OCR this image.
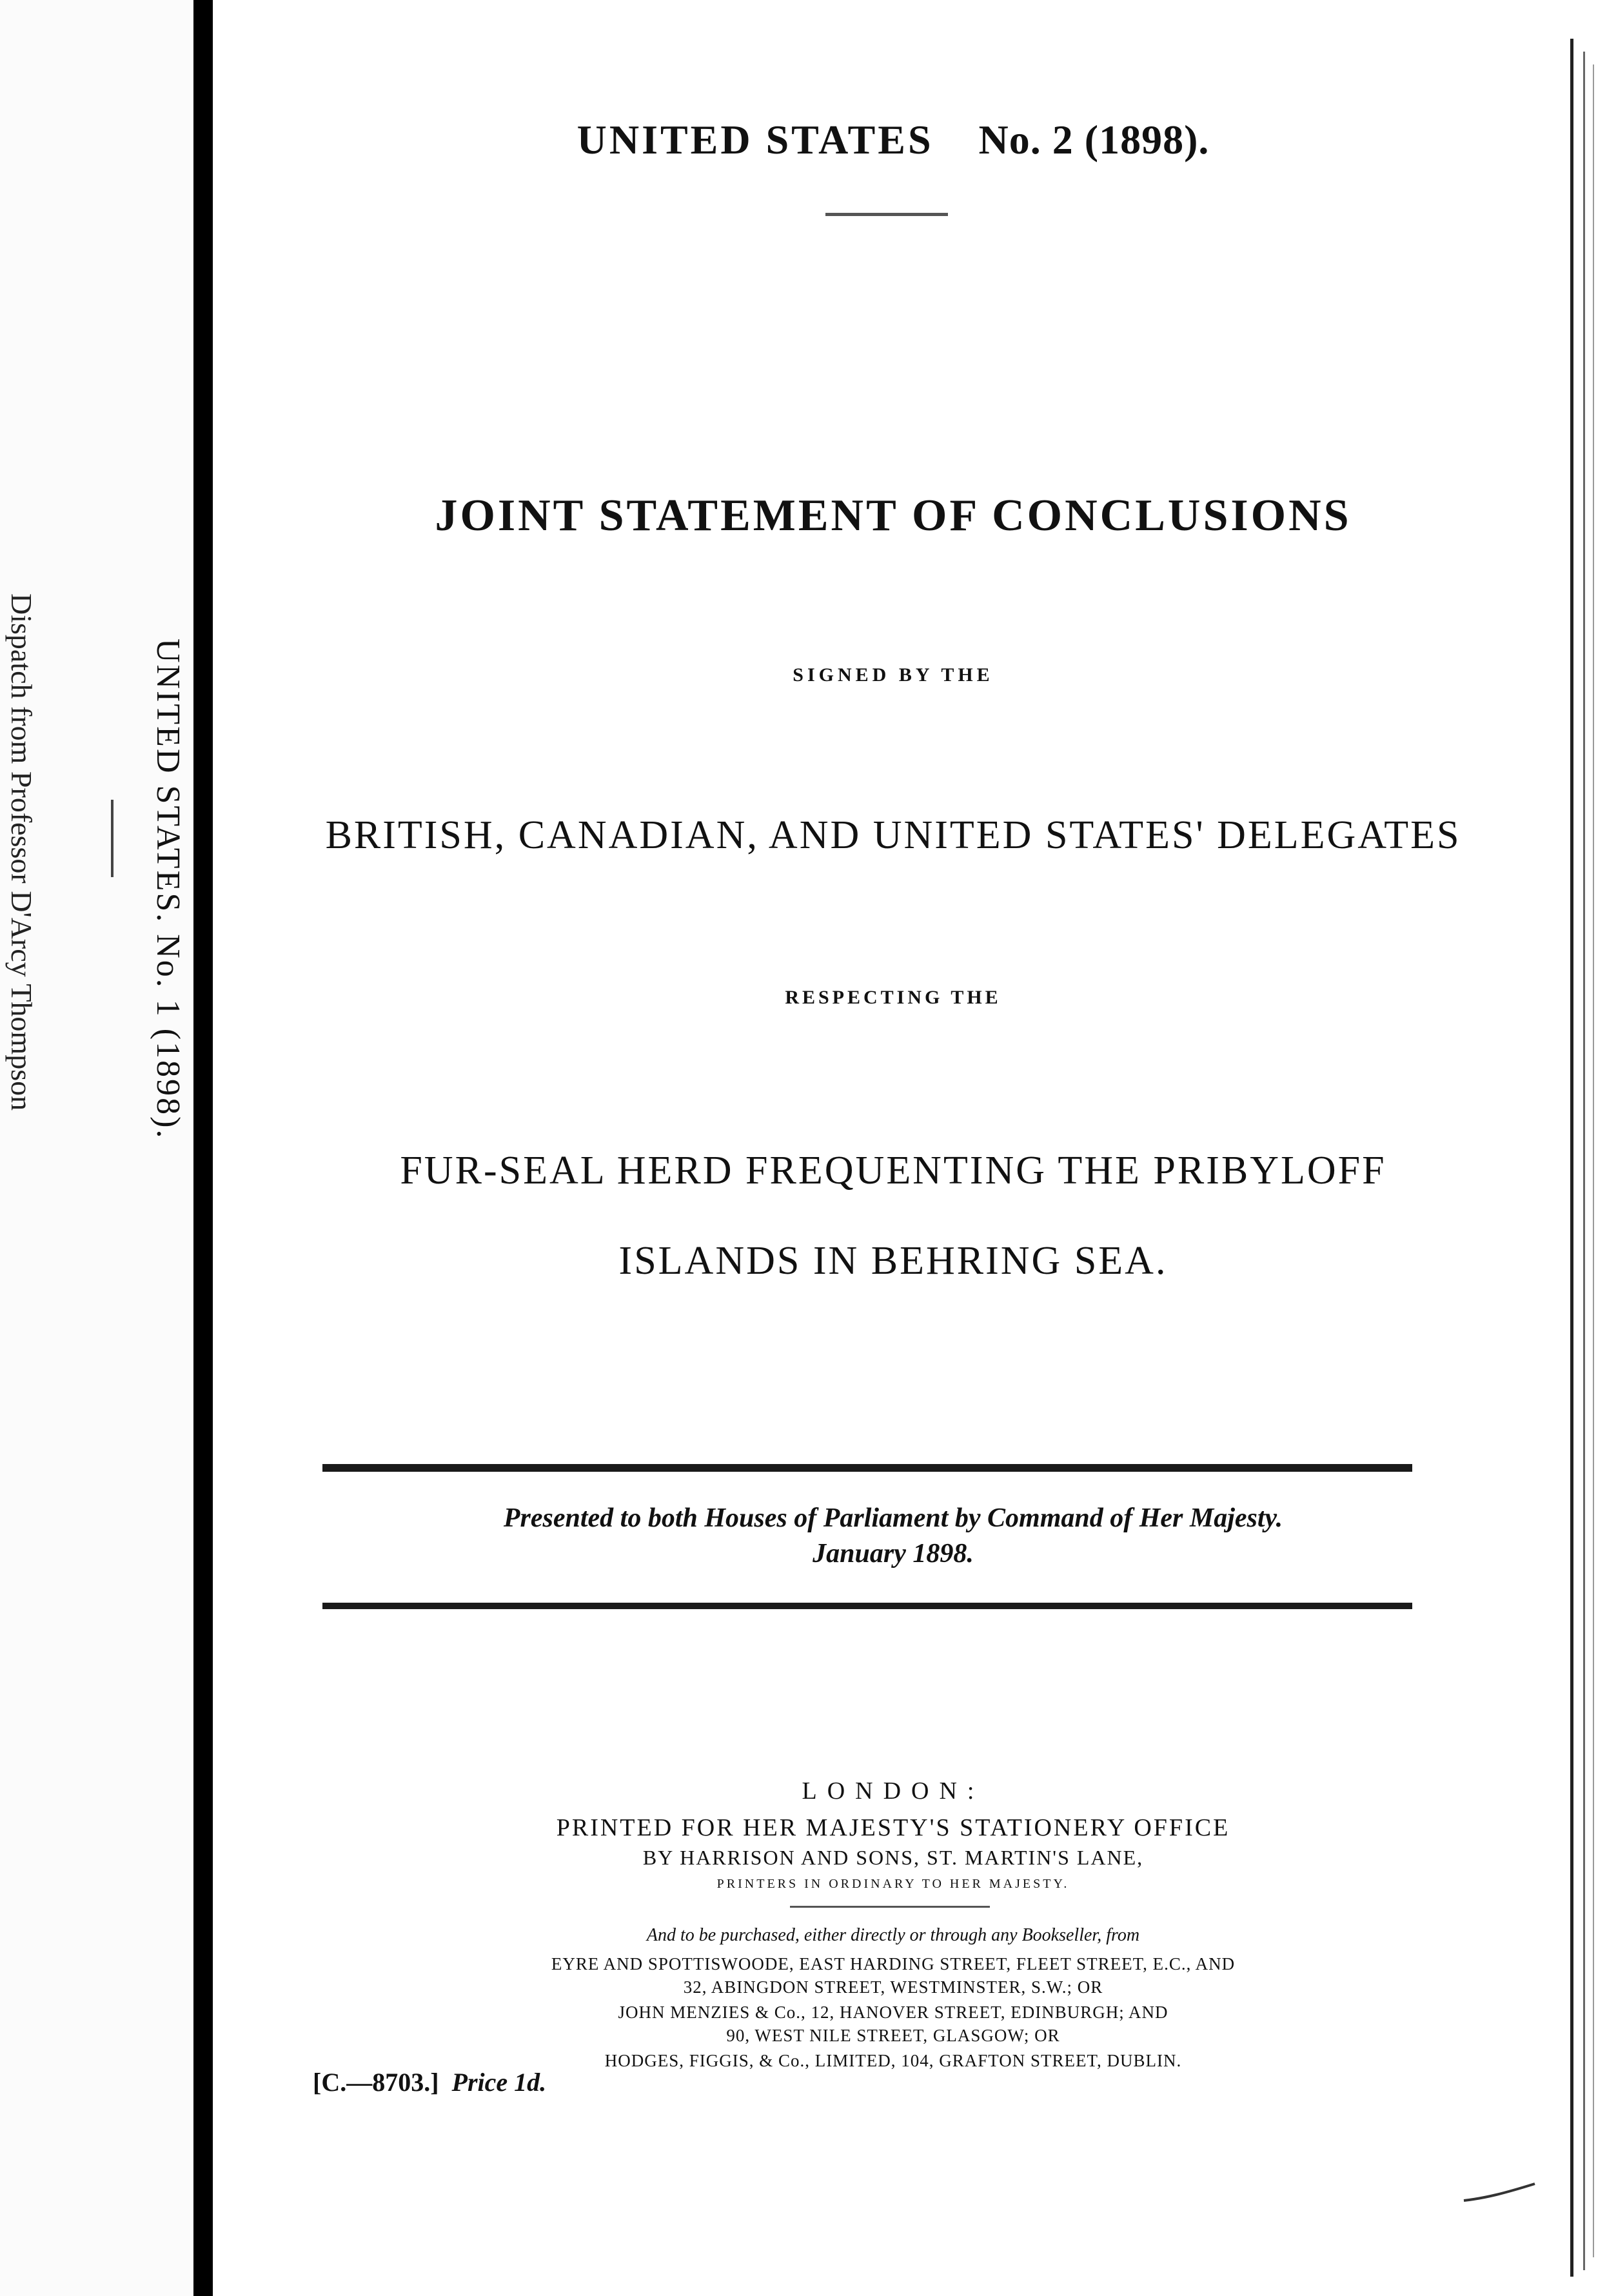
Dispatch from Professor D'Arcy Thompson	UNITED STATES. No. 1 (1898).
UNITED STATES No. 2 (1898).
JOINT STATEMENT OF CONCLUSIONS
SIGNED BY THE
BRITISH, CANADIAN, AND UNITED STATES' DELEGATES
RESPECTING THE
FUR-SEAL HERD FREQUENTING THE PRIBYLOFF
ISLANDS IN BEHRING SEA.
Presented to both Houses of Parliament by Command of Her Majesty.
January 1898.
LONDON:
PRINTED FOR HER MAJESTY'S STATIONERY OFFICE
BY HARRISON AND SONS, ST. MARTIN'S LANE,
PRINTERS IN ORDINARY TO HER MAJESTY.
And to be purchased, either directly or through any Bookseller, from
EYRE AND SPOTTISWOODE, EAST HARDING STREET, FLEET STREET, E.C., AND
32, ABINGDON STREET, WESTMINSTER, S.W.; OR
JOHN MENZIES & Co., 12, HANOVER STREET, EDINBURGH; AND
90, WEST NILE STREET, GLASGOW; OR
HODGES, FIGGIS, & Co., LIMITED, 104, GRAFTON STREET, DUBLIN.
[C.—8703.] Price 1d.
